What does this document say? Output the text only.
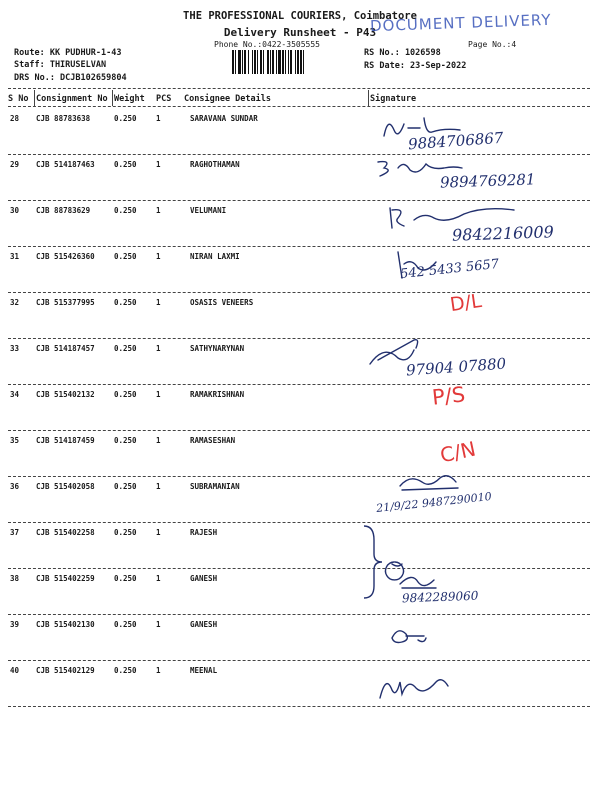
THE PROFESSIONAL COURIERS, Coimbatore
Delivery Runsheet - P43
Phone No.:0422-3505555	Page No.:4
DOCUMENT DELIVERY
Route: KK PUDHUR-1-43
Staff: THIRUSELVAN
DRS No.: DCJB102659804
RS No.: 1026598
RS Date: 23-Sep-2022
S No Consignment No Weight PCS Consignee Details	Signature
28 CJB 88783638	0.250	1	SARAVANA SUNDAR
29 CJB 514187463	0.250	1	RAGHOTHAMAN
30 CJB 88783629	0.250	1	VELUMANI
31 CJB 515426360	0.250	1	NIRAN LAXMI
32 CJB 515377995	0.250	1	OSASIS VENEERS
33 CJB 514187457	0.250	1	SATHYNARYNAN
34 CJB 515402132	0.250	1	RAMAKRISHNAN
35 CJB 514187459	0.250	1	RAMASESHAN
36 CJB 515402058	0.250	1	SUBRAMANIAN
37 CJB 515402258	0.250	1	RAJESH
38 CJB 515402259	0.250	1	GANESH
39 CJB 515402130	0.250	1	GANESH
40 CJB 515402129	0.250	1	MEENAL
9884706867
9894769281
9842216009
542 5433 5657
D/L
97904 07880
P/S
C/N
21/9/22 9487290010
9842289060
